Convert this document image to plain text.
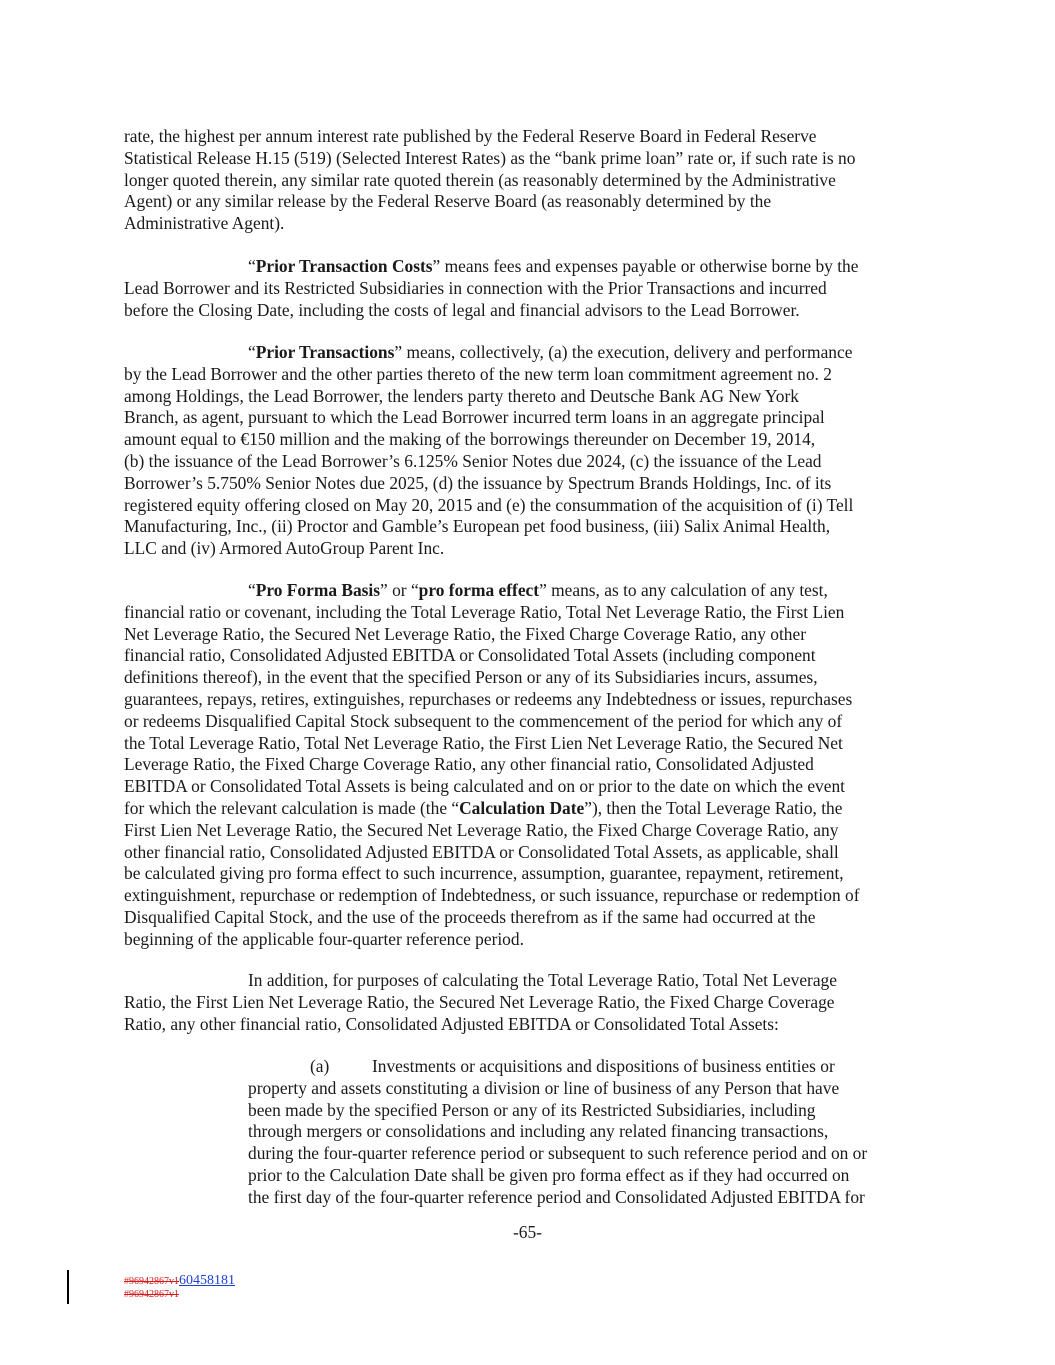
rate, the highest per annum interest rate published by the Federal Reserve Board in Federal Reserve
Statistical Release H.15 (519) (Selected Interest Rates) as the “bank prime loan” rate or, if such rate is no
longer quoted therein, any similar rate quoted therein (as reasonably determined by the Administrative
Agent) or any similar release by the Federal Reserve Board (as reasonably determined by the
Administrative Agent).

“Prior Transaction Costs” means fees and expenses payable or otherwise borne by the
Lead Borrower and its Restricted Subsidiaries in connection with the Prior Transactions and incurred
before the Closing Date, including the costs of legal and financial advisors to the Lead Borrower.

“Prior Transactions” means, collectively, (a) the execution, delivery and performance
by the Lead Borrower and the other parties thereto of the new term loan commitment agreement no. 2
among Holdings, the Lead Borrower, the lenders party thereto and Deutsche Bank AG New York
Branch, as agent, pursuant to which the Lead Borrower incurred term loans in an aggregate principal
amount equal to €150 million and the making of the borrowings thereunder on December 19, 2014,
(b) the issuance of the Lead Borrower’s 6.125% Senior Notes due 2024, (c) the issuance of the Lead
Borrower’s 5.750% Senior Notes due 2025, (d) the issuance by Spectrum Brands Holdings, Inc. of its
registered equity offering closed on May 20, 2015 and (e) the consummation of the acquisition of (i) Tell
Manufacturing, Inc., (ii) Proctor and Gamble’s European pet food business, (iii) Salix Animal Health,
LLC and (iv) Armored AutoGroup Parent Inc.

“Pro Forma Basis” or “pro forma effect” means, as to any calculation of any test,
financial ratio or covenant, including the Total Leverage Ratio, Total Net Leverage Ratio, the First Lien
Net Leverage Ratio, the Secured Net Leverage Ratio, the Fixed Charge Coverage Ratio, any other
financial ratio, Consolidated Adjusted EBITDA or Consolidated Total Assets (including component
definitions thereof), in the event that the specified Person or any of its Subsidiaries incurs, assumes,
guarantees, repays, retires, extinguishes, repurchases or redeems any Indebtedness or issues, repurchases
or redeems Disqualified Capital Stock subsequent to the commencement of the period for which any of
the Total Leverage Ratio, Total Net Leverage Ratio, the First Lien Net Leverage Ratio, the Secured Net
Leverage Ratio, the Fixed Charge Coverage Ratio, any other financial ratio, Consolidated Adjusted
EBITDA or Consolidated Total Assets is being calculated and on or prior to the date on which the event
for which the relevant calculation is made (the “Calculation Date”), then the Total Leverage Ratio, the
First Lien Net Leverage Ratio, the Secured Net Leverage Ratio, the Fixed Charge Coverage Ratio, any
other financial ratio, Consolidated Adjusted EBITDA or Consolidated Total Assets, as applicable, shall
be calculated giving pro forma effect to such incurrence, assumption, guarantee, repayment, retirement,
extinguishment, repurchase or redemption of Indebtedness, or such issuance, repurchase or redemption of
Disqualified Capital Stock, and the use of the proceeds therefrom as if the same had occurred at the
beginning of the applicable four-quarter reference period.

In addition, for purposes of calculating the Total Leverage Ratio, Total Net Leverage
Ratio, the First Lien Net Leverage Ratio, the Secured Net Leverage Ratio, the Fixed Charge Coverage
Ratio, any other financial ratio, Consolidated Adjusted EBITDA or Consolidated Total Assets:

(a) Investments or acquisitions and dispositions of business entities or
property and assets constituting a division or line of business of any Person that have
been made by the specified Person or any of its Restricted Subsidiaries, including
through mergers or consolidations and including any related financing transactions,
during the four-quarter reference period or subsequent to such reference period and on or
prior to the Calculation Date shall be given pro forma effect as if they had occurred on
the first day of the four-quarter reference period and Consolidated Adjusted EBITDA for

-65-
#96942867v160458181
#96942867v1
